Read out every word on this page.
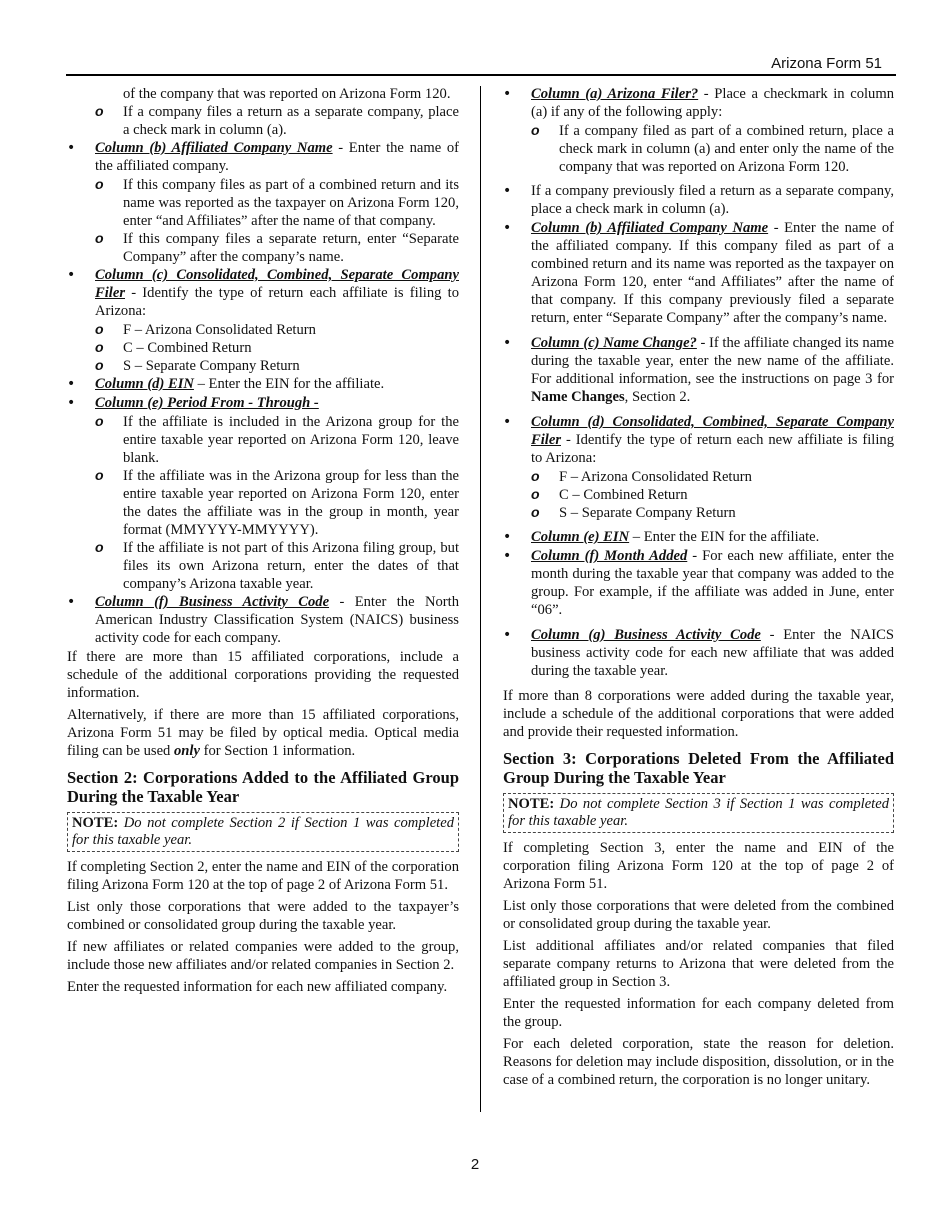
Arizona Form 51
of the company that was reported on Arizona Form 120.
o If a company files a return as a separate company, place a check mark in column (a).
• Column (b) Affiliated Company Name - Enter the name of the affiliated company.
o If this company files as part of a combined return and its name was reported as the taxpayer on Arizona Form 120, enter “and Affiliates” after the name of that company.
o If this company files a separate return, enter “Separate Company” after the company’s name.
• Column (c) Consolidated, Combined, Separate Company Filer - Identify the type of return each affiliate is filing to Arizona:
o F – Arizona Consolidated Return
o C – Combined Return
o S – Separate Company Return
• Column (d) EIN – Enter the EIN for the affiliate.
• Column (e) Period From - Through -
o If the affiliate is included in the Arizona group for the entire taxable year reported on Arizona Form 120, leave blank.
o If the affiliate was in the Arizona group for less than the entire taxable year reported on Arizona Form 120, enter the dates the affiliate was in the group in month, year format (MMYYYY-MMYYYY).
o If the affiliate is not part of this Arizona filing group, but files its own Arizona return, enter the dates of that company’s Arizona taxable year.
• Column (f) Business Activity Code - Enter the North American Industry Classification System (NAICS) business activity code for each company.

If there are more than 15 affiliated corporations, include a schedule of the additional corporations providing the requested information.

Alternatively, if there are more than 15 affiliated corporations, Arizona Form 51 may be filed by optical media. Optical media filing can be used only for Section 1 information.

Section 2: Corporations Added to the Affiliated Group During the Taxable Year
NOTE: Do not complete Section 2 if Section 1 was completed for this taxable year.

If completing Section 2, enter the name and EIN of the corporation filing Arizona Form 120 at the top of page 2 of Arizona Form 51.

List only those corporations that were added to the taxpayer’s combined or consolidated group during the taxable year.

If new affiliates or related companies were added to the group, include those new affiliates and/or related companies in Section 2.

Enter the requested information for each new affiliated company.

• Column (a) Arizona Filer? - Place a checkmark in column (a) if any of the following apply:
o If a company filed as part of a combined return, place a check mark in column (a) and enter only the name of the company that was reported on Arizona Form 120.
• If a company previously filed a return as a separate company, place a check mark in column (a).
• Column (b) Affiliated Company Name - Enter the name of the affiliated company. If this company filed as part of a combined return and its name was reported as the taxpayer on Arizona Form 120, enter “and Affiliates” after the name of that company. If this company previously filed a separate return, enter “Separate Company” after the company’s name.
• Column (c) Name Change? - If the affiliate changed its name during the taxable year, enter the new name of the affiliate. For additional information, see the instructions on page 3 for Name Changes, Section 2.
• Column (d) Consolidated, Combined, Separate Company Filer - Identify the type of return each new affiliate is filing to Arizona:
o F – Arizona Consolidated Return
o C – Combined Return
o S – Separate Company Return
• Column (e) EIN – Enter the EIN for the affiliate.
• Column (f) Month Added - For each new affiliate, enter the month during the taxable year that company was added to the group. For example, if the affiliate was added in June, enter “06”.
• Column (g) Business Activity Code - Enter the NAICS business activity code for each new affiliate that was added during the taxable year.

If more than 8 corporations were added during the taxable year, include a schedule of the additional corporations that were added and provide their requested information.

Section 3: Corporations Deleted From the Affiliated Group During the Taxable Year
NOTE: Do not complete Section 3 if Section 1 was completed for this taxable year.

If completing Section 3, enter the name and EIN of the corporation filing Arizona Form 120 at the top of page 2 of Arizona Form 51.

List only those corporations that were deleted from the combined or consolidated group during the taxable year.

List additional affiliates and/or related companies that filed separate company returns to Arizona that were deleted from the affiliated group in Section 3.

Enter the requested information for each company deleted from the group.

For each deleted corporation, state the reason for deletion. Reasons for deletion may include disposition, dissolution, or in the case of a combined return, the corporation is no longer unitary.

2
